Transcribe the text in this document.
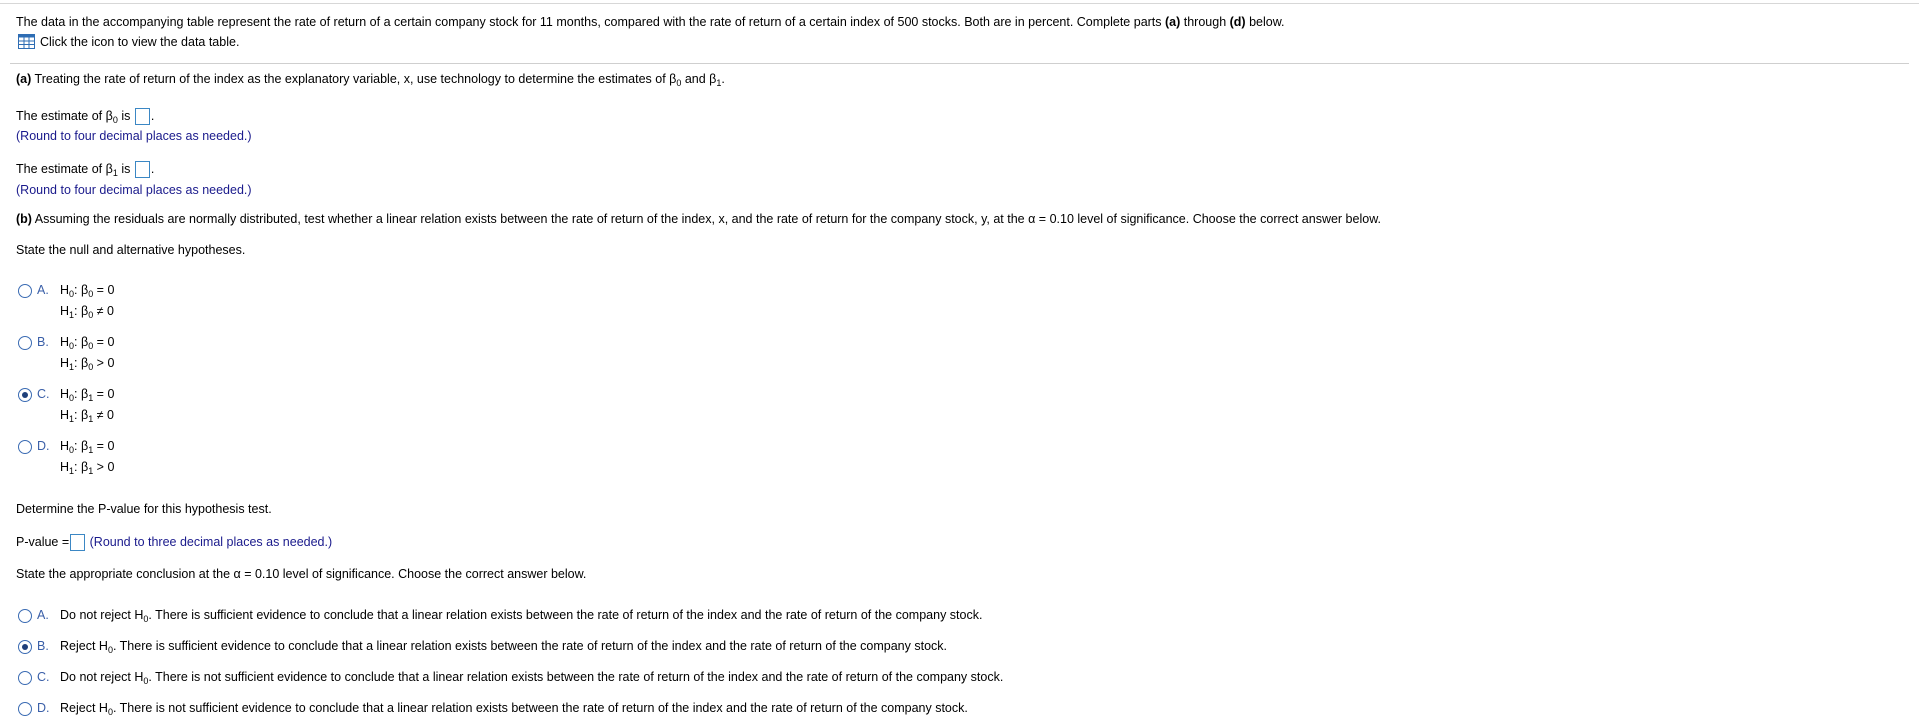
The data in the accompanying table represent the rate of return of a certain company stock for 11 months, compared with the rate of return of a certain index of 500 stocks. Both are in percent. Complete parts (a) through (d) below.
Click the icon to view the data table.
(a) Treating the rate of return of the index as the explanatory variable, x, use technology to determine the estimates of $\beta_0$ and $\beta_1$.
The estimate of $\beta_0$ is .
(Round to four decimal places as needed.)
The estimate of $\beta_1$ is .
(Round to four decimal places as needed.)
(b) Assuming the residuals are normally distributed, test whether a linear relation exists between the rate of return of the index, x, and the rate of return for the company stock, y, at the α = 0.10 level of significance. Choose the correct answer below.
State the null and alternative hypotheses.
A. $H_0$: $\beta_0 = 0$
$H_1$: $\beta_0 \ne 0$
B. $H_0$: $\beta_0 = 0$
$H_1$: $\beta_0 > 0$
C. $H_0$: $\beta_1 = 0$
$H_1$: $\beta_1 \ne 0$
D. $H_0$: $\beta_1 = 0$
$H_1$: $\beta_1 > 0$
Determine the P-value for this hypothesis test.
P-value = (Round to three decimal places as needed.)
State the appropriate conclusion at the α = 0.10 level of significance. Choose the correct answer below.
A. Do not reject $H_0$. There is sufficient evidence to conclude that a linear relation exists between the rate of return of the index and the rate of return of the company stock.
B. Reject $H_0$. There is sufficient evidence to conclude that a linear relation exists between the rate of return of the index and the rate of return of the company stock.
C. Do not reject $H_0$. There is not sufficient evidence to conclude that a linear relation exists between the rate of return of the index and the rate of return of the company stock.
D. Reject $H_0$. There is not sufficient evidence to conclude that a linear relation exists between the rate of return of the index and the rate of return of the company stock.
